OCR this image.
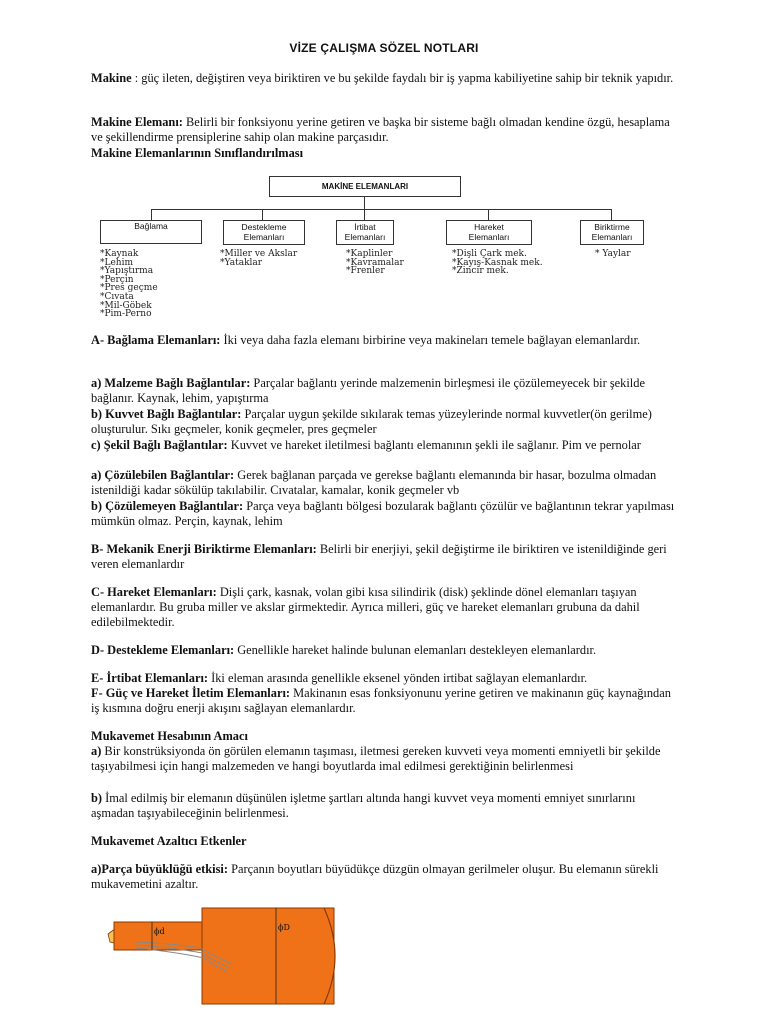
VİZE ÇALIŞMA SÖZEL NOTLARI
Makine : güç ileten, değiştiren veya biriktiren ve bu şekilde faydalı bir iş yapma kabiliyetine sahip bir teknik yapıdır.
Makine Elemanı: Belirli bir fonksiyonu yerine getiren ve başka bir sisteme bağlı olmadan kendine özgü, hesaplama ve şekillendirme prensiplerine sahip olan makine parçasıdır.
Makine Elemanlarının Sınıflandırılması
MAKİNE ELEMANLARI
Bağlama	Destekleme
Elemanları
İrtibat
Elemanları
Hareket
Elemanları
Biriktirme
Elemanları
*Kaynak
*Lehim
*Yapıştırma
*Perçin
*Pres geçme
*Cıvata
*Mil-Göbek
*Pim-Perno
*Miller ve Akslar
*Yataklar
*Kaplinler
*Kavramalar
*Frenler
*Dişli Çark mek.
*Kayış-Kasnak mek.
*Zincir mek.
* Yaylar
A- Bağlama Elemanları: İki veya daha fazla elemanı birbirine veya makineları temele bağlayan elemanlardır.
a) Malzeme Bağlı Bağlantılar: Parçalar bağlantı yerinde malzemenin birleşmesi ile çözülemeyecek bir şekilde bağlanır. Kaynak, lehim, yapıştırma
b) Kuvvet Bağlı Bağlantılar: Parçalar uygun şekilde sıkılarak temas yüzeylerinde normal kuvvetler(ön gerilme) oluşturulur. Sıkı geçmeler, konik geçmeler, pres geçmeler
c) Şekil Bağlı Bağlantılar: Kuvvet ve hareket iletilmesi bağlantı elemanının şekli ile sağlanır. Pim ve pernolar
a) Çözülebilen Bağlantılar: Gerek bağlanan parçada ve gerekse bağlantı elemanında bir hasar, bozulma olmadan istenildiği kadar sökülüp takılabilir. Cıvatalar, kamalar, konik geçmeler vb
b) Çözülemeyen Bağlantılar: Parça veya bağlantı bölgesi bozularak bağlantı çözülür ve bağlantının tekrar yapılması mümkün olmaz. Perçin, kaynak, lehim
B- Mekanik Enerji Biriktirme Elemanları: Belirli bir enerjiyi, şekil değiştirme ile biriktiren ve istenildiğinde geri veren elemanlardır
C- Hareket Elemanları: Dişli çark, kasnak, volan gibi kısa silindirik (disk) şeklinde dönel elemanları taşıyan elemanlardır. Bu gruba miller ve akslar girmektedir. Ayrıca milleri, güç ve hareket elemanları grubuna da dahil edilebilmektedir.
D- Destekleme Elemanları: Genellikle hareket halinde bulunan elemanları destekleyen elemanlardır.
E- İrtibat Elemanları: İki eleman arasında genellikle eksenel yönden irtibat sağlayan elemanlardır.
F- Güç ve Hareket İletim Elemanları: Makinanın esas fonksiyonunu yerine getiren ve makinanın güç kaynağından iş kısmına doğru enerji akışını sağlayan elemanlardır.
Mukavemet Hesabının Amacı
a) Bir konstrüksiyonda ön görülen elemanın taşıması, iletmesi gereken kuvveti veya momenti emniyetli bir şekilde taşıyabilmesi için hangi malzemeden ve hangi boyutlarda imal edilmesi gerektiğinin belirlenmesi
b) İmal edilmiş bir elemanın düşünülen işletme şartları altında hangi kuvvet veya momenti emniyet sınırlarını aşmadan taşıyabileceğinin belirlenmesi.
Mukavemet Azaltıcı Etkenler
a)Parça büyüklüğü etkisi: Parçanın boyutları büyüdükçe düzgün olmayan gerilmeler oluşur. Bu elemanın sürekli mukavemetini azaltır.
ϕd	ϕD
